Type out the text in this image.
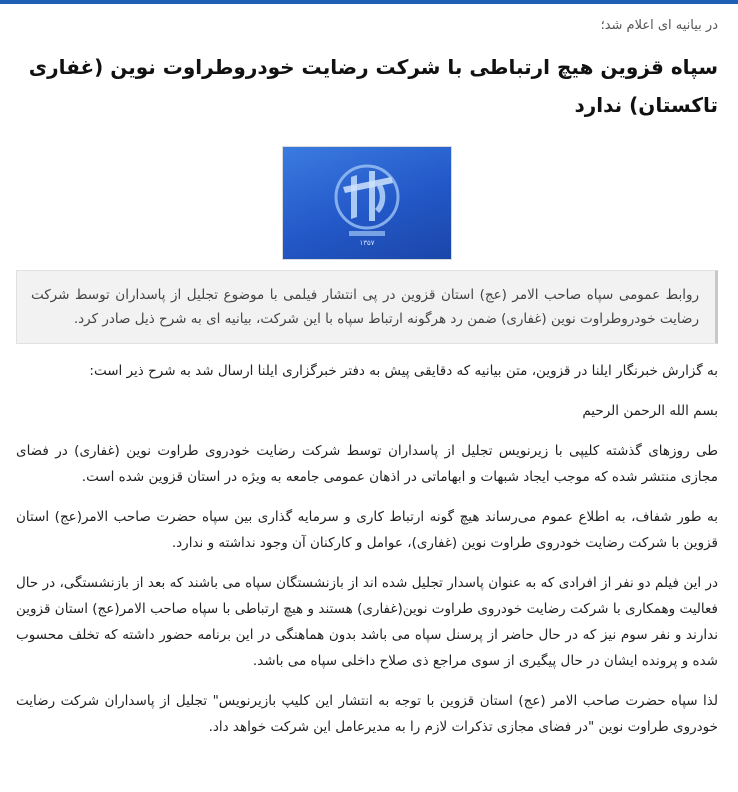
در بیانیه ای اعلام شد؛
سپاه قزوین هیچ ارتباطی با شرکت رضایت خودروطراوت نوین (غفاری تاکستان) ندارد
۱۳۵۷
روابط عمومی سپاه صاحب الامر (عج) استان قزوین در پی انتشار فیلمی با موضوع تجلیل از پاسداران توسط شرکت رضایت خودروطراوت نوین (غفاری) ضمن رد هرگونه ارتباط سپاه با این شرکت، بیانیه ای به شرح ذیل صادر کرد.

به گزارش خبرنگار ایلنا در قزوین، متن بیانیه که دقایقی پیش به دفتر خبرگزاری ایلنا ارسال شد به شرح ذیر است:

بسم الله الرحمن الرحیم

طی روزهای گذشته کلیپی با زیرنویس تجلیل از پاسداران توسط شرکت رضایت خودروی طراوت نوین (غفاری) در فضای مجازی منتشر شده که موجب ایجاد شبهات و ابهاماتی در اذهان عمومی جامعه به ویژه در استان قزوین شده است.

به طور شفاف، به اطلاع عموم می‌رساند هیچ گونه ارتباط کاری و سرمایه گذاری بین سپاه حضرت صاحب الامر(عج) استان قزوین با شرکت رضایت خودروی طراوت نوین (غفاری)، عوامل و کارکنان آن وجود نداشته و ندارد.

در این فیلم دو نفر از افرادی که به عنوان پاسدار تجلیل شده اند از بازنشستگان سپاه می باشند که بعد از بازنشستگی، در حال فعالیت وهمکاری با شرکت رضایت خودروی طراوت نوین(غفاری) هستند و هیچ ارتباطی با سپاه صاحب الامر(عج) استان قزوین ندارند و نفر سوم نیز که در حال حاضر از پرسنل سپاه می باشد بدون هماهنگی در این برنامه حضور داشته که تخلف محسوب شده و پرونده ایشان در حال پیگیری از سوی مراجع ذی صلاح داخلی سپاه می باشد.

لذا سپاه حضرت صاحب الامر (عج) استان قزوین با توجه به انتشار این کلیپ بازیرنویس" تجلیل از پاسداران شرکت رضایت خودروی طراوت نوین "در فضای مجازی تذکرات لازم را به مدیرعامل این شرکت خواهد داد.
